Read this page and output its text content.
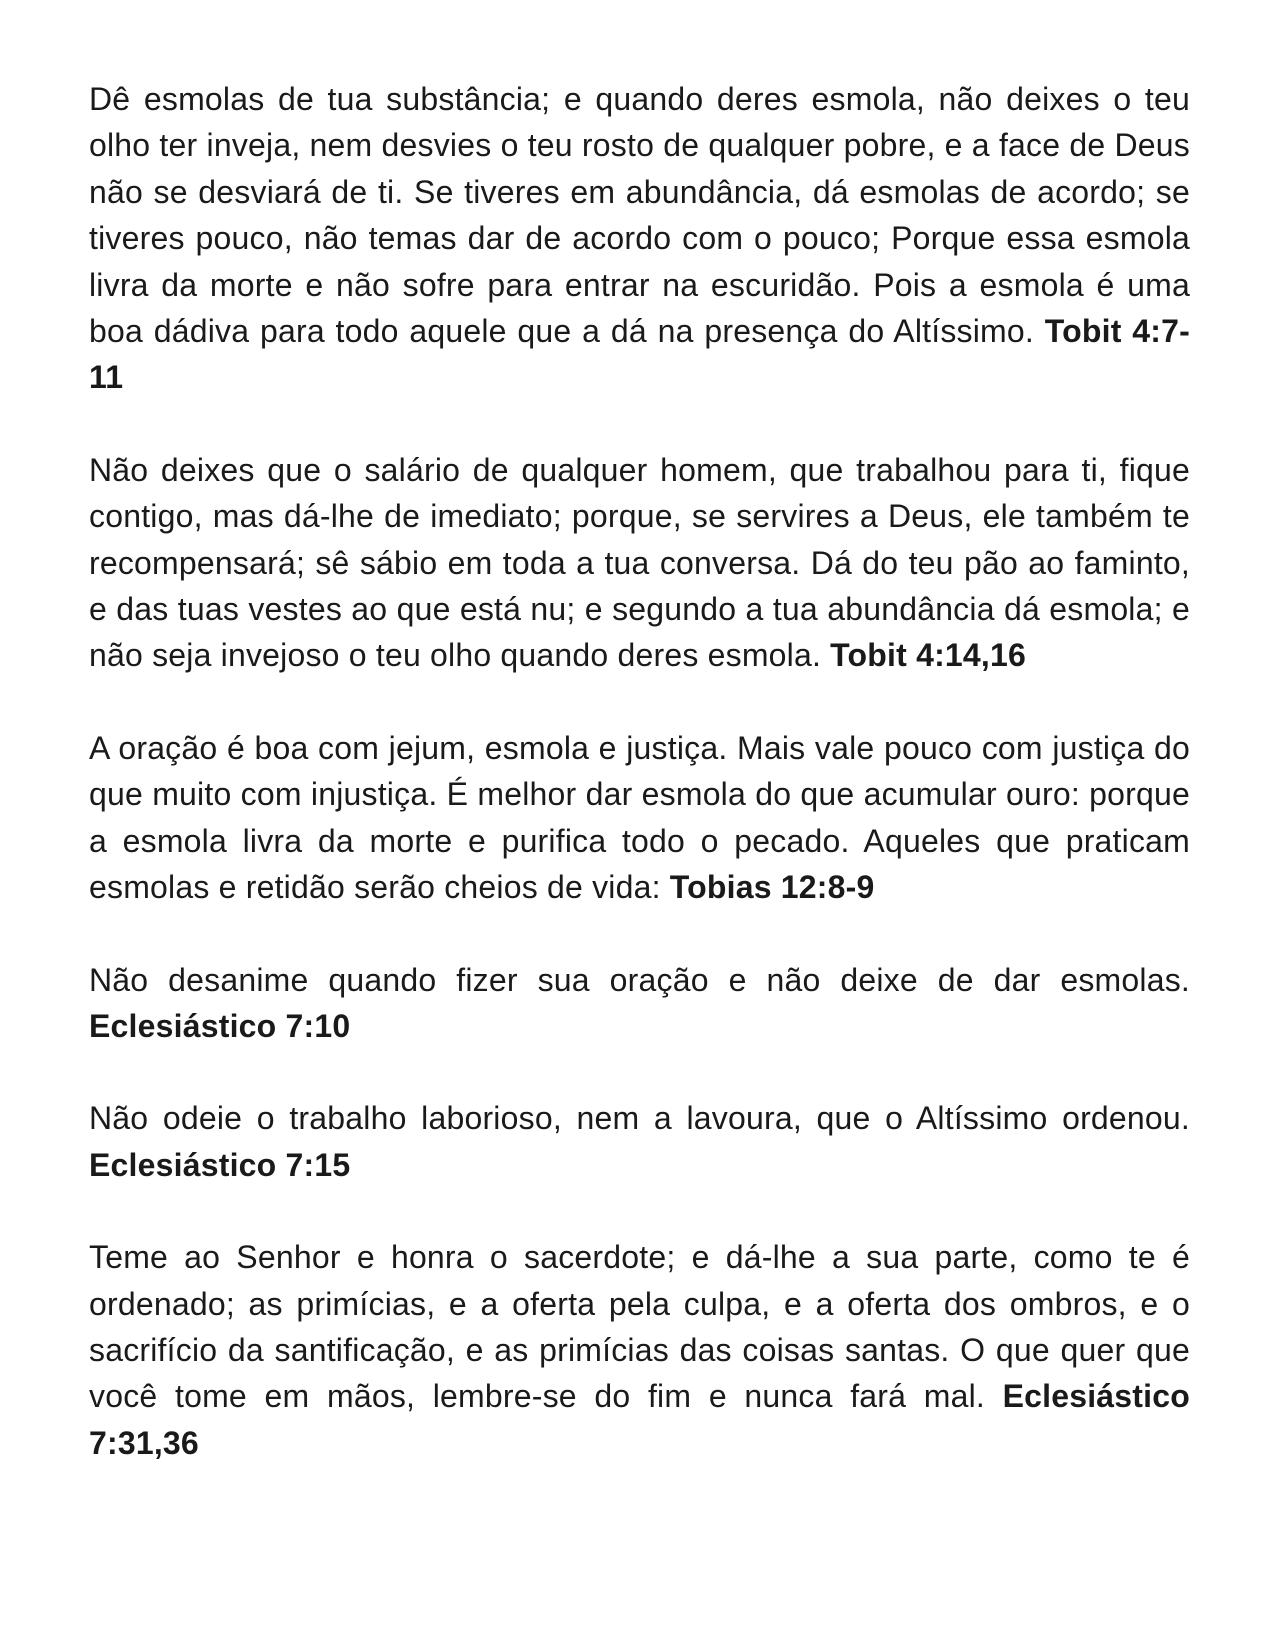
Dê esmolas de tua substância; e quando deres esmola, não deixes o teu olho ter inveja, nem desvies o teu rosto de qualquer pobre, e a face de Deus não se desviará de ti. Se tiveres em abundância, dá esmolas de acordo; se tiveres pouco, não temas dar de acordo com o pouco; Porque essa esmola livra da morte e não sofre para entrar na escuridão. Pois a esmola é uma boa dádiva para todo aquele que a dá na presença do Altíssimo. Tobit 4:7-11

Não deixes que o salário de qualquer homem, que trabalhou para ti, fique contigo, mas dá-lhe de imediato; porque, se servires a Deus, ele também te recompensará; sê sábio em toda a tua conversa. Dá do teu pão ao faminto, e das tuas vestes ao que está nu; e segundo a tua abundância dá esmola; e não seja invejoso o teu olho quando deres esmola. Tobit 4:14,16

A oração é boa com jejum, esmola e justiça. Mais vale pouco com justiça do que muito com injustiça. É melhor dar esmola do que acumular ouro: porque a esmola livra da morte e purifica todo o pecado. Aqueles que praticam esmolas e retidão serão cheios de vida: Tobias 12:8-9

Não desanime quando fizer sua oração e não deixe de dar esmolas. Eclesiástico 7:10

Não odeie o trabalho laborioso, nem a lavoura, que o Altíssimo ordenou. Eclesiástico 7:15

Teme ao Senhor e honra o sacerdote; e dá-lhe a sua parte, como te é ordenado; as primícias, e a oferta pela culpa, e a oferta dos ombros, e o sacrifício da santificação, e as primícias das coisas santas. O que quer que você tome em mãos, lembre-se do fim e nunca fará mal. Eclesiástico 7:31,36
